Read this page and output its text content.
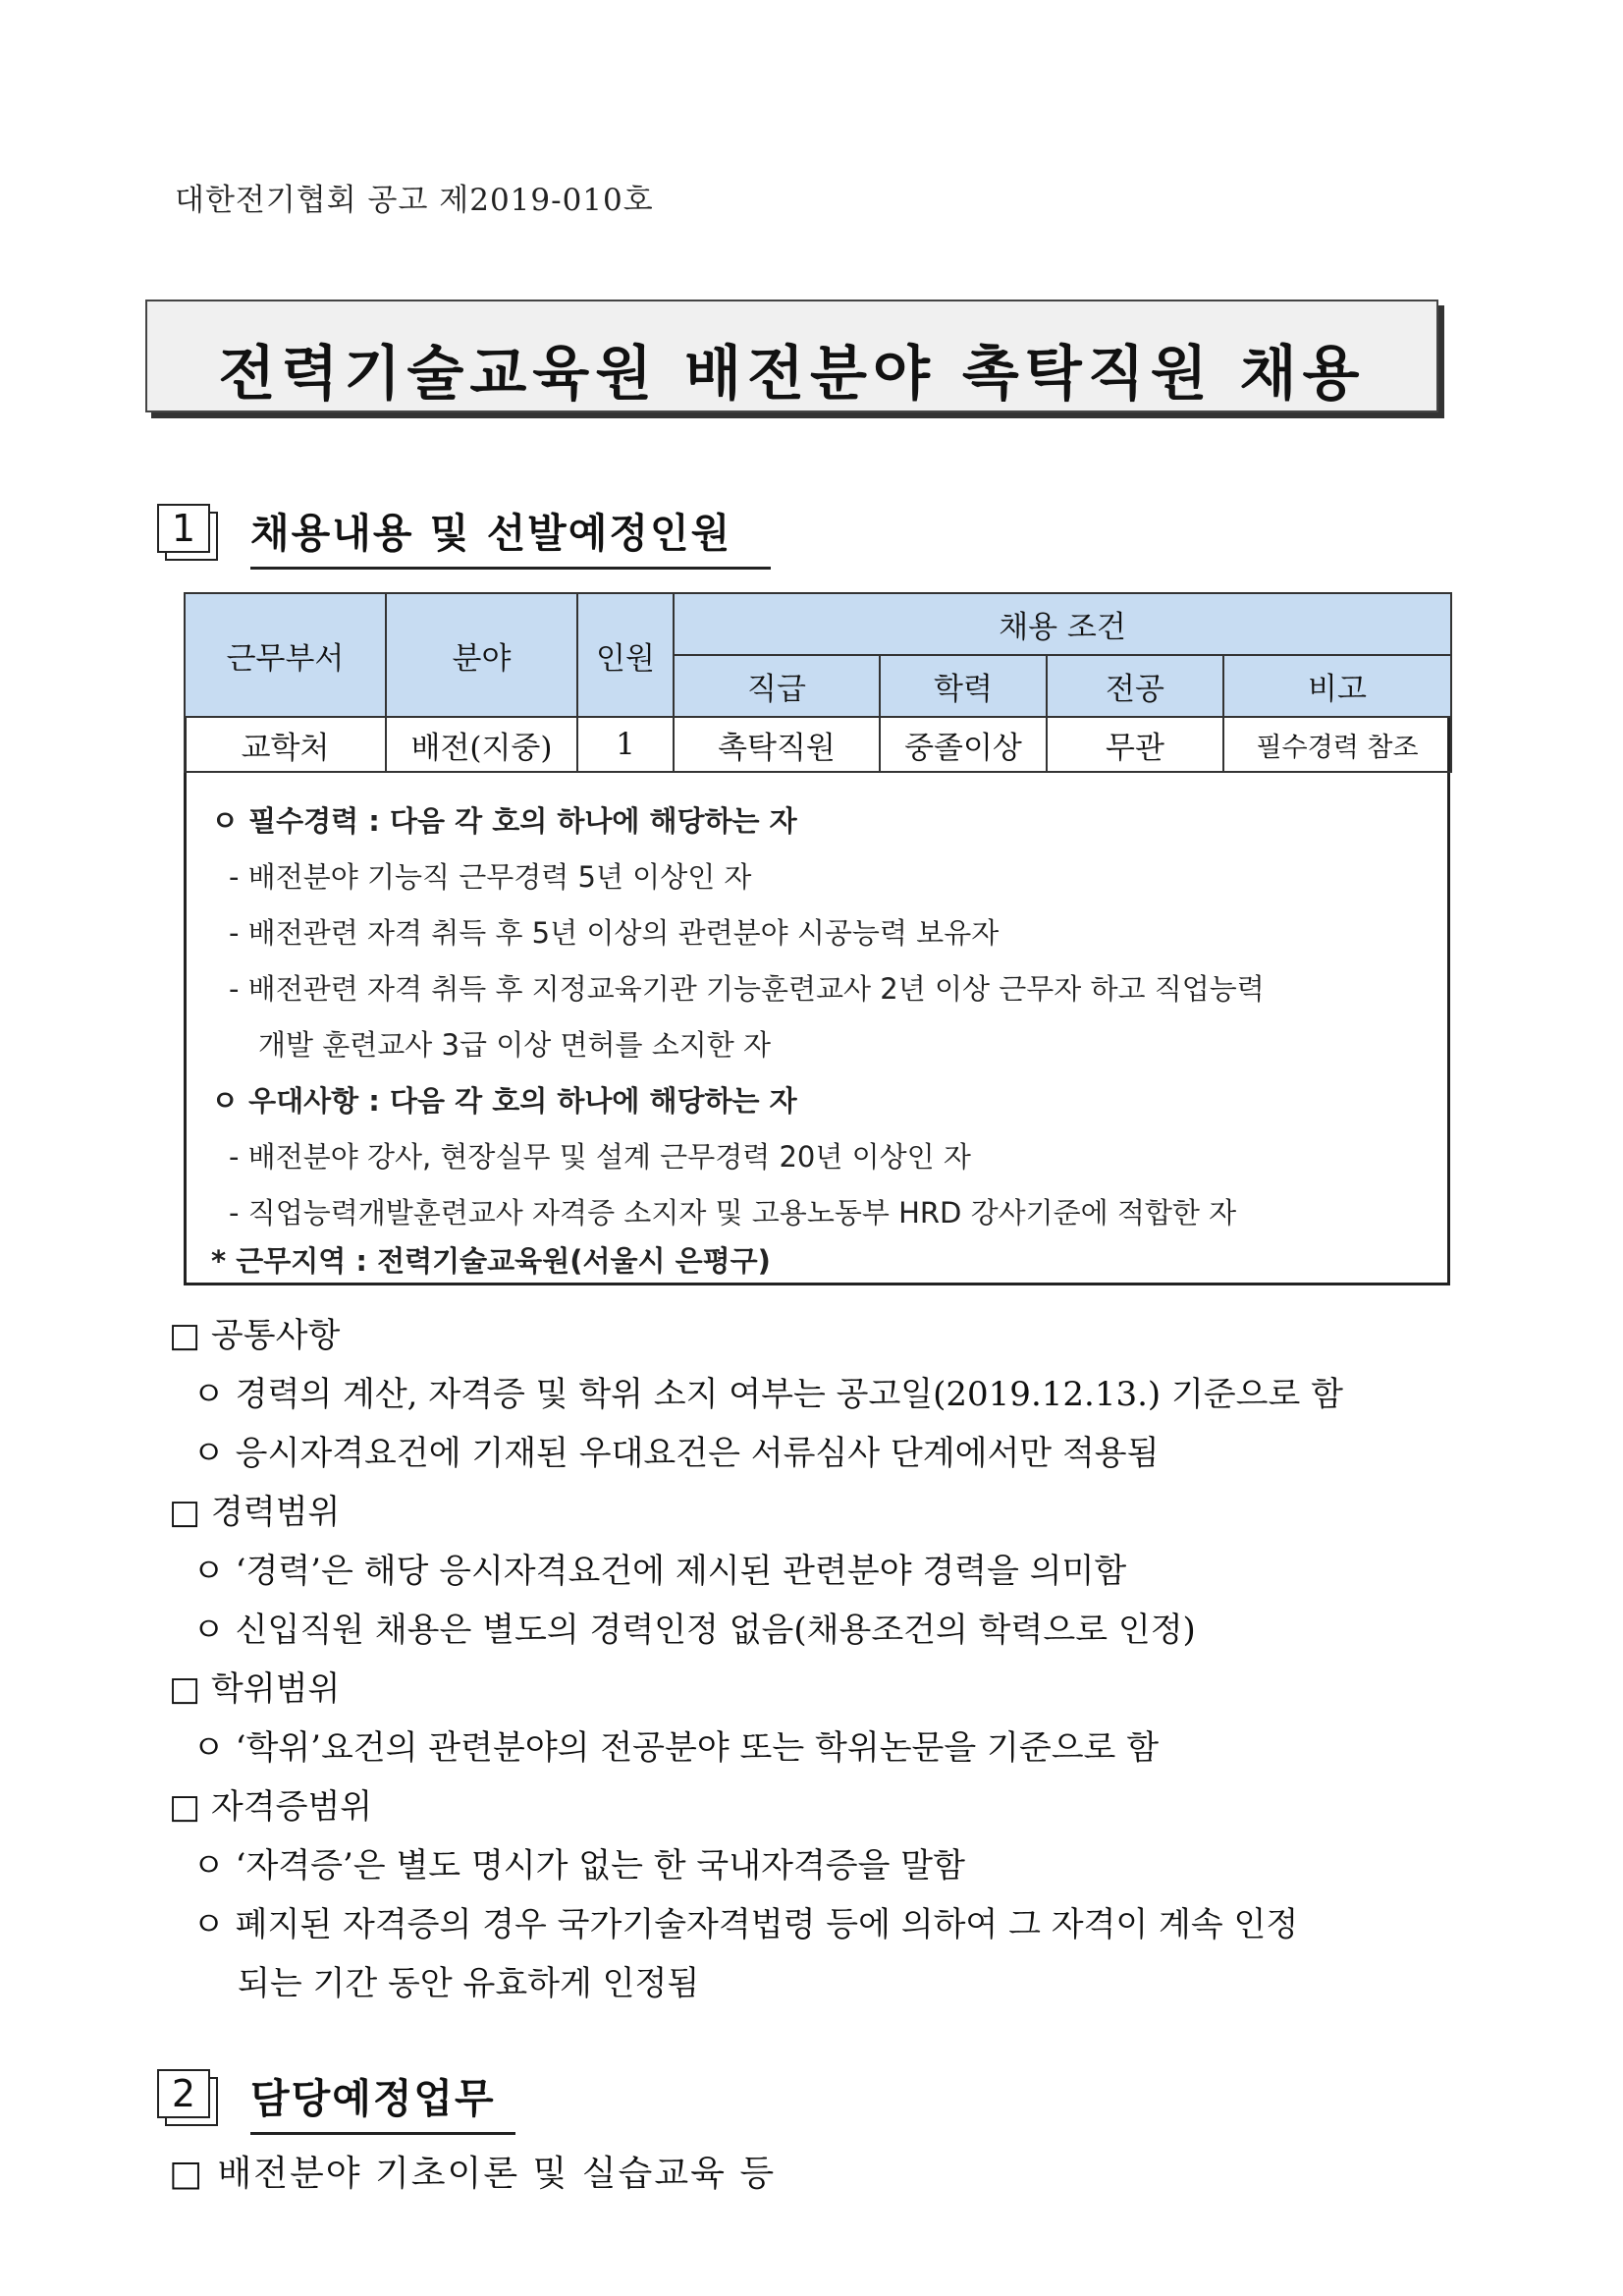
대한전기협회 공고 제2019-010호
전력기술교육원 배전분야 촉탁직원 채용
1	채용내용 및 선발예정인원
근무부서	분야	인원	채용 조건			
			직급	학력	전공	비고
교학처	배전(지중)	1	촉탁직원	중졸이상	무관	필수경력 참조
ㅇ 필수경력 : 다음 각 호의 하나에 해당하는 자
- 배전분야 기능직 근무경력 5년 이상인 자
- 배전관련 자격 취득 후 5년 이상의 관련분야 시공능력 보유자
- 배전관련 자격 취득 후 지정교육기관 기능훈련교사 2년 이상 근무자 하고 직업능력
개발 훈련교사 3급 이상 면허를 소지한 자
ㅇ 우대사항 : 다음 각 호의 하나에 해당하는 자
- 배전분야 강사, 현장실무 및 설계 근무경력 20년 이상인 자
- 직업능력개발훈련교사 자격증 소지자 및 고용노동부 HRD 강사기준에 적합한 자
* 근무지역 : 전력기술교육원(서울시 은평구)
□ 공통사항
ㅇ 경력의 계산, 자격증 및 학위 소지 여부는 공고일(2019.12.13.) 기준으로 함
ㅇ 응시자격요건에 기재된 우대요건은 서류심사 단계에서만 적용됨
□ 경력범위
ㅇ ‘경력’은 해당 응시자격요건에 제시된 관련분야 경력을 의미함
ㅇ 신입직원 채용은 별도의 경력인정 없음(채용조건의 학력으로 인정)
□ 학위범위
ㅇ ‘학위’요건의 관련분야의 전공분야 또는 학위논문을 기준으로 함
□ 자격증범위
ㅇ ‘자격증’은 별도 명시가 없는 한 국내자격증을 말함
ㅇ 폐지된 자격증의 경우 국가기술자격법령 등에 의하여 그 자격이 계속 인정
되는 기간 동안 유효하게 인정됨
2	담당예정업무
□ 배전분야 기초이론 및 실습교육 등
